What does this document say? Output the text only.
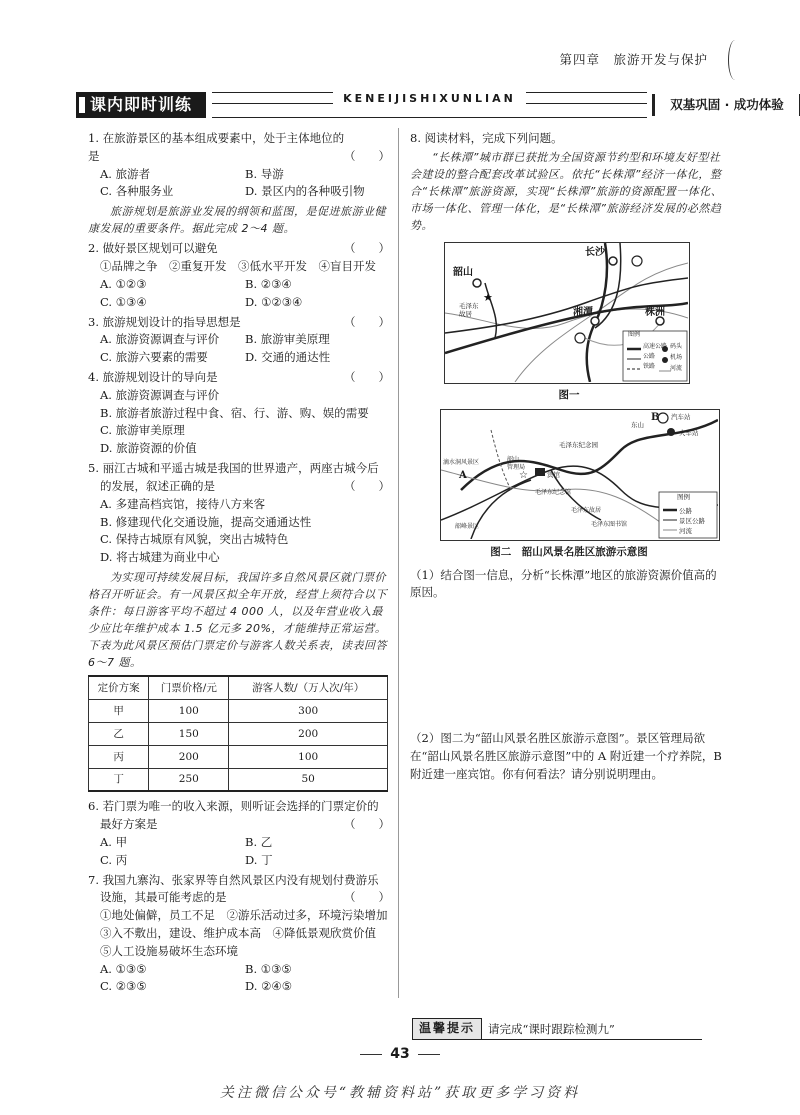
第四章　旅游开发与保护
课内即时训练	KENEIJISHIXUNLIAN	双基巩固 · 成功体验
1. 在旅游景区的基本组成要素中，处于主体地位的是	（　　）
A. 旅游者	B. 导游
C. 各种服务业	D. 景区内的各种吸引物
旅游规划是旅游业发展的纲领和蓝图，是促进旅游业健康发展的重要条件。据此完成 2～4 题。
2. 做好景区规划可以避免	（　　）
①品牌之争　②重复开发　③低水平开发　④盲目开发
A. ①②③	B. ②③④
C. ①③④	D. ①②③④
3. 旅游规划设计的指导思想是	（　　）
A. 旅游资源调查与评价	B. 旅游审美原理
C. 旅游六要素的需要	D. 交通的通达性
4. 旅游规划设计的导向是	（　　）
A. 旅游资源调查与评价
B. 旅游者旅游过程中食、宿、行、游、购、娱的需要
C. 旅游审美原理
D. 旅游资源的价值
5. 丽江古城和平遥古城是我国的世界遗产，两座古城今后
的发展，叙述正确的是	（　　）
A. 多建高档宾馆，接待八方来客
B. 修建现代化交通设施，提高交通通达性
C. 保持古城原有风貌，突出古城特色
D. 将古城建为商业中心
为实现可持续发展目标，我国许多自然风景区就门票价格召开听证会。有一风景区拟全年开放，经营上须符合以下条件：每日游客平均不超过 4 000 人，以及年营业收入最少应比年维护成本 1.5 亿元多 20%，才能维持正常运营。下表为此风景区预估门票定价与游客人数关系表，读表回答 6～7 题。
定价方案	门票价格/元	游客人数/（万人次/年）
甲	100	300
乙	150	200
丙	200	100
丁	250	50
6. 若门票为唯一的收入来源，则听证会选择的门票定价的
最好方案是	（　　）
A. 甲	B. 乙
C. 丙	D. 丁
7. 我国九寨沟、张家界等自然风景区内没有规划付费游乐
设施，其最可能考虑的是	（　　）
①地处偏僻，员工不足　②游乐活动过多，环境污染增加
③入不敷出，建设、维护成本高　④降低景观欣赏价值
⑤人工设施易破坏生态环境
A. ①③⑤	B. ①③⑤
C. ②③⑤	D. ②④⑤
8. 阅读材料，完成下列问题。
“长株潭”城市群已获批为全国资源节约型和环境友好型社会建设的整合配套改革试验区。依托“长株潭”经济一体化，整合“长株潭”旅游资源，实现“长株潭”旅游的资源配置一体化、市场一体化、管理一体化，是“长株潭”旅游经济发展的必然趋势。
★
长沙
韶山
湘潭	株洲
毛泽东
故居
图例
高速公路
公路
铁路
码头
机场
河流
图一
☆
滴水洞风景区
A
B 汽车站
火车站
东山
毛泽东纪念园
韶山
管理局
宾馆
毛泽东纪念馆
毛泽东故居
毛泽东图书馆
韶峰景区
图例
公路
景区公路
河流
图二　韶山风景名胜区旅游示意图
（1）结合图一信息，分析“长株潭”地区的旅游资源价值高的原因。
（2）图二为“韶山风景名胜区旅游示意图”。景区管理局欲在“韶山风景名胜区旅游示意图”中的 A 附近建一个疗养院，B 附近建一座宾馆。你有何看法？请分别说明理由。
温馨提示	请完成“课时跟踪检测九”
43
关注微信公众号“教辅资料站”获取更多学习资料
